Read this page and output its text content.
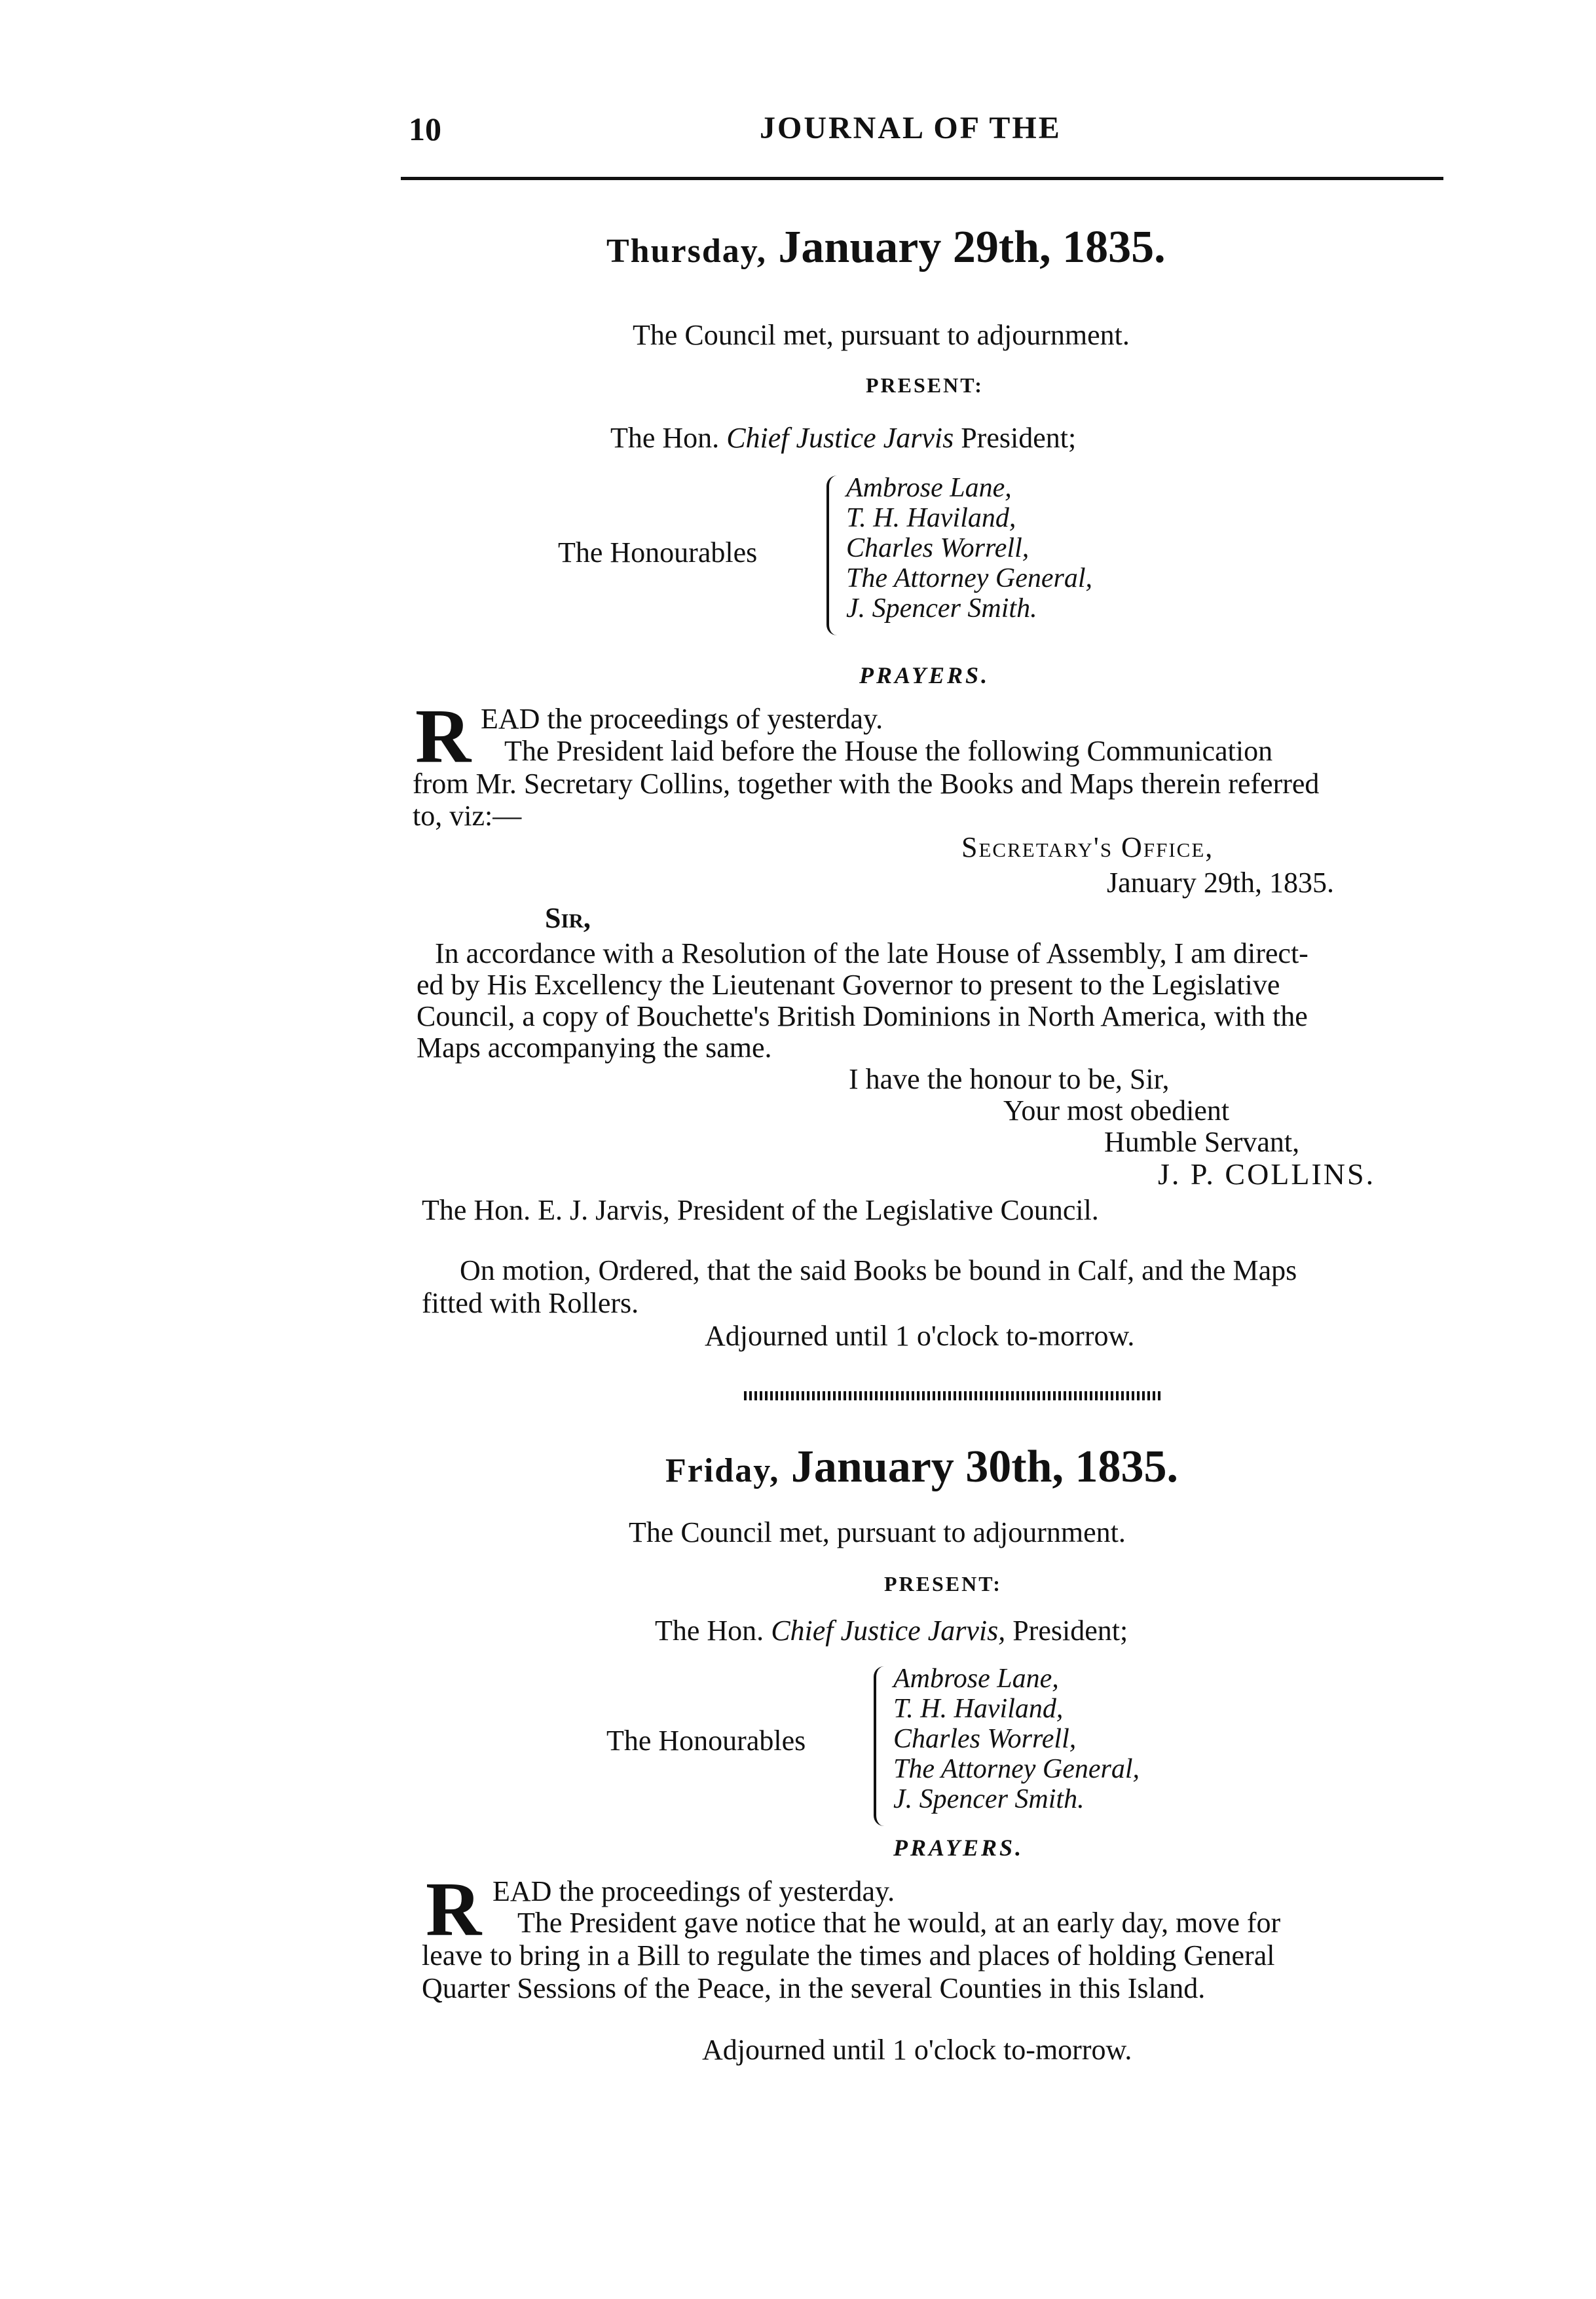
10	JOURNAL OF THE
Thursday, January 29th, 1835.
The Council met, pursuant to adjournment.
PRESENT:
The Hon. Chief Justice Jarvis President;
The Honourables
Ambrose Lane,
T. H. Haviland,
Charles Worrell,
The Attorney General,
J. Spencer Smith.
PRAYERS.
R EAD the proceedings of yesterday.
The President laid before the House the following Communication
from Mr. Secretary Collins, together with the Books and Maps therein referred
to, viz:—
Secretary's Office,
January 29th, 1835.
Sir,
In accordance with a Resolution of the late House of Assembly, I am direct-
ed by His Excellency the Lieutenant Governor to present to the Legislative
Council, a copy of Bouchette's British Dominions in North America, with the
Maps accompanying the same.
I have the honour to be, Sir,
Your most obedient
Humble Servant,
J. P. COLLINS.
The Hon. E. J. Jarvis, President of the Legislative Council.
On motion, Ordered, that the said Books be bound in Calf, and the Maps
fitted with Rollers.
Adjourned until 1 o'clock to-morrow.
Friday, January 30th, 1835.
The Council met, pursuant to adjournment.
PRESENT:
The Hon. Chief Justice Jarvis, President;
The Honourables
Ambrose Lane,
T. H. Haviland,
Charles Worrell,
The Attorney General,
J. Spencer Smith.
PRAYERS.
R EAD the proceedings of yesterday.
The President gave notice that he would, at an early day, move for
leave to bring in a Bill to regulate the times and places of holding General
Quarter Sessions of the Peace, in the several Counties in this Island.
Adjourned until 1 o'clock to-morrow.
